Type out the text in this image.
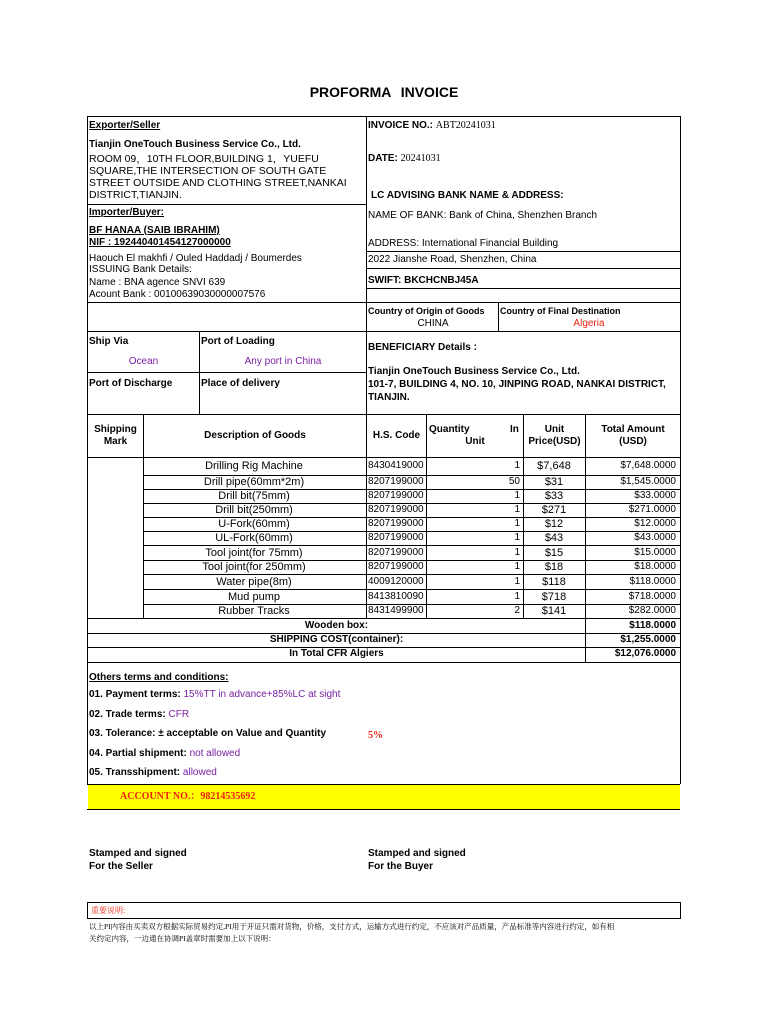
PROFORMA INVOICE
Exporter/Seller
Tianjin OneTouch Business Service Co., Ltd.
ROOM 09，10TH FLOOR,BUILDING 1，YUEFU
SQUARE,THE INTERSECTION OF SOUTH GATE
STREET OUTSIDE AND CLOTHING STREET,NANKAI
DISTRICT,TIANJIN.
Importer/Buyer:
BF HANAA (SAIB IBRAHIM)
NIF : 192440401454127000000
Haouch El makhfi / Ouled Haddadj / Boumerdes
ISSUING Bank Details:
Name : BNA agence SNVI 639
Acount Bank : 00100639030000007576
INVOICE NO.: ABT20241031
DATE: 20241031
LC ADVISING BANK NAME & ADDRESS:
NAME OF BANK: Bank of China, Shenzhen Branch
ADDRESS: International Financial Building
2022 Jianshe Road, Shenzhen, China
SWIFT: BKCHCNBJ45A
Country of Origin of Goods
CHINA
Country of Final Destination
Algeria
Ship Via
Ocean
Port of Loading
Any port in China
Port of Discharge	Place of delivery
BENEFICIARY Details :
Tianjin OneTouch Business Service Co., Ltd.
101-7, BUILDING 4, NO. 10, JINPING ROAD, NANKAI DISTRICT,
TIANJIN.
Shipping
Mark
Description of Goods	H.S. Code
Quantity	In
Unit
Unit
Price(USD)
Total Amount
(USD)
Drilling Rig Machine	8430419000	1	$7,648	$7,648.0000
Drill pipe(60mm*2m)	8207199000	50	$31	$1,545.0000
Drill bit(75mm)	8207199000	1	$33	$33.0000
Drill bit(250mm)	8207199000	1	$271	$271.0000
U-Fork(60mm)	8207199000	1	$12	$12.0000
UL-Fork(60mm)	8207199000	1	$43	$43.0000
Tool joint(for 75mm)	8207199000	1	$15	$15.0000
Tool joint(for 250mm)	8207199000	1	$18	$18.0000
Water pipe(8m)	4009120000	1	$118	$118.0000
Mud pump	8413810090	1	$718	$718.0000
Rubber Tracks	8431499900	2	$141	$282.0000
Wooden box:	$118.0000
SHIPPING COST(container):	$1,255.0000
In Total CFR Algiers	$12,076.0000
Others terms and conditions:
01. Payment terms: 15%TT in advance+85%LC at sight
02. Trade terms: CFR
03. Tolerance: ± acceptable on Value and Quantity	5%
04. Partial shipment: not allowed
05. Transshipment: allowed
ACCOUNT NO.：98214535692
Stamped and signed
For the Seller
Stamped and signed
For the Buyer
重要说明:
以上PI内容由买卖双方根据实际贸易约定,PI用于开证只需对货物，价格，支付方式，运输方式进行约定，不应该对产品质量，产品标准等内容进行约定，如有相
关约定内容，一边通在协调PI盖章时需要加上以下说明：
